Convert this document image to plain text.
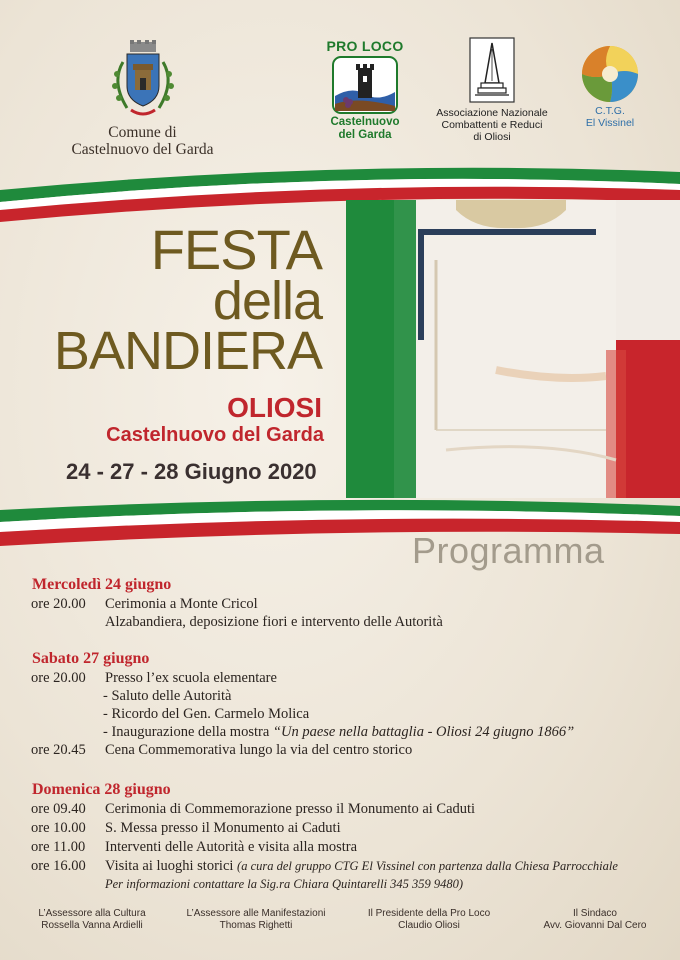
Comune di
Castelnuovo del Garda
PRO LOCO
Castelnuovo
del Garda
Associazione Nazionale
Combattenti e Reduci
di Oliosi
C.T.G.
El Vissinel
FESTA
della
BANDIERA
OLIOSI
Castelnuovo del Garda
24 - 27 - 28 Giugno 2020
Programma
Mercoledì 24 giugno
ore 20.00 Cerimonia a Monte Cricol
Alzabandiera, deposizione fiori e intervento delle Autorità
Sabato 27 giugno
ore 20.00 Presso l’ex scuola elementare
- Saluto delle Autorità
- Ricordo del Gen. Carmelo Molica
- Inaugurazione della mostra “Un paese nella battaglia - Oliosi 24 giugno 1866”
ore 20.45 Cena Commemorativa lungo la via del centro storico
Domenica 28 giugno
ore 09.40 Cerimonia di Commemorazione presso il Monumento ai Caduti
ore 10.00 S. Messa presso il Monumento ai Caduti
ore 11.00 Interventi delle Autorità e visita alla mostra
ore 16.00 Visita ai luoghi storici (a cura del gruppo CTG El Vissinel con partenza dalla Chiesa Parrocchiale
Per informazioni contattare la Sig.ra Chiara Quintarelli 345 359 9480)
L’Assessore alla Cultura
Rossella Vanna Ardielli
L’Assessore alle Manifestazioni
Thomas Righetti
Il Presidente della Pro Loco
Claudio Oliosi
Il Sindaco
Avv. Giovanni Dal Cero
